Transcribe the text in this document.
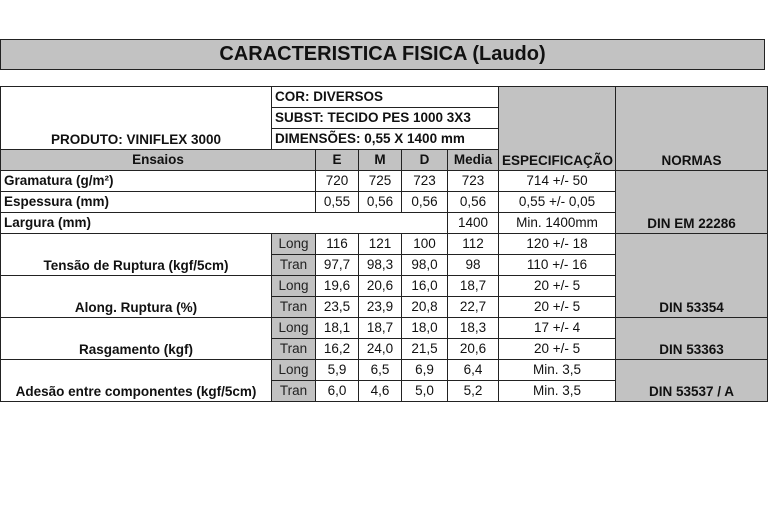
CARACTERISTICA FISICA (Laudo)
PRODUTO: VINIFLEX 3000	COR: DIVERSOS					ESPECIFICAÇÃO	NORMAS
	SUBST: TECIDO PES 1000 3X3						
	DIMENSÕES: 0,55 X 1400 mm						
Ensaios		E	M	D	Media		
Gramatura (g/m²)		720	725	723	723	714 +/- 50	DIN EM 22286
Espessura (mm)		0,55	0,56	0,56	0,56	0,55 +/- 0,05	
Largura (mm)					1400	Min. 1400mm	
Tensão de Ruptura (kgf/5cm)	Long	116	121	100	112	120 +/- 18	DIN 53354
	Tran	97,7	98,3	98,0	98	110 +/- 16	
Along. Ruptura (%)	Long	19,6	20,6	16,0	18,7	20 +/- 5	
	Tran	23,5	23,9	20,8	22,7	20 +/- 5	
Rasgamento (kgf)	Long	18,1	18,7	18,0	18,3	17 +/- 4	DIN 53363
	Tran	16,2	24,0	21,5	20,6	20 +/- 5	
Adesão entre componentes (kgf/5cm)	Long	5,9	6,5	6,9	6,4	Min. 3,5	DIN 53537 / A
	Tran	6,0	4,6	5,0	5,2	Min. 3,5	
